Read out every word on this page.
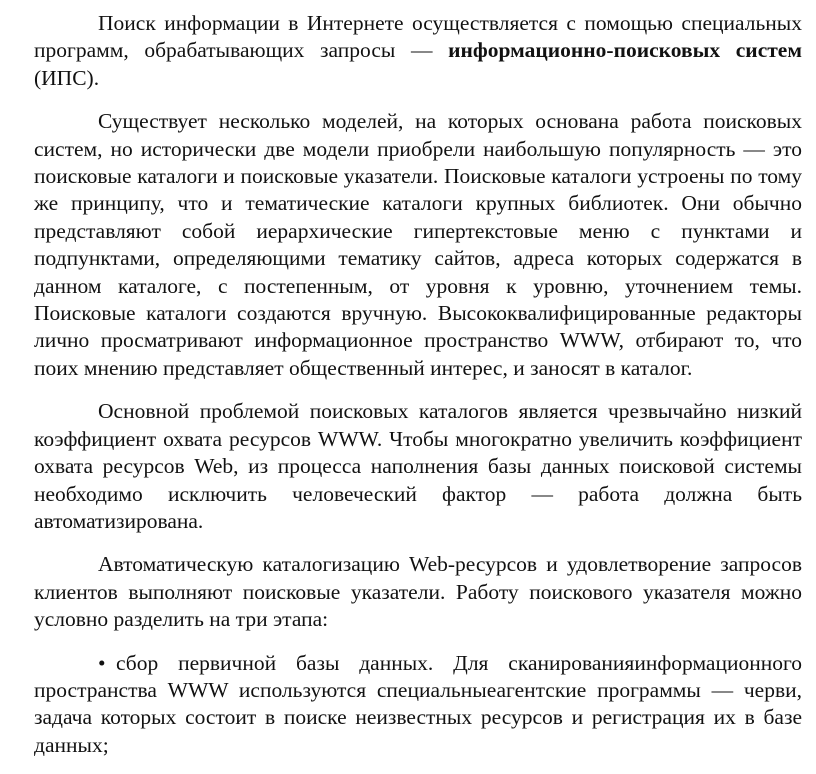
Поиск информации в Интернете осуществляется с помощью специальных программ, обрабатывающих запросы — информационно-поисковых систем (ИПС).

Существует несколько моделей, на которых основана работа поисковых систем, но исторически две модели приобрели наибольшую популярность — это поисковые каталоги и поисковые указатели. Поисковые каталоги устроены по тому же принципу, что и тематические каталоги крупных библиотек. Они обычно представляют собой иерархические гипертекстовые меню с пунктами и подпунктами, определяющими тематику сайтов, адреса которых содержатся в данном каталоге, с постепенным, от уровня к уровню, уточнением темы. Поисковые каталоги создаются вручную. Высококвалифицированные редакторы лично просматривают информационное пространство WWW, отбирают то, что поих мнению представляет общественный интерес, и заносят в каталог.

Основной проблемой поисковых каталогов является чрезвычайно низкий коэффициент охвата ресурсов WWW. Чтобы многократно увеличить коэффициент охвата ресурсов Web, из процесса наполнения базы данных поисковой системы необходимо исключить человеческий фактор — работа должна быть автоматизирована.

Автоматическую каталогизацию Web-ресурсов и удовлетворение запросов клиентов выполняют поисковые указатели. Работу поискового указателя можно условно разделить на три этапа:

• сбор первичной базы данных. Для сканированияинформационного пространства WWW используются специальныеагентские программы — черви, задача которых состоит в поиске неизвестных ресурсов и регистрация их в базе данных;
